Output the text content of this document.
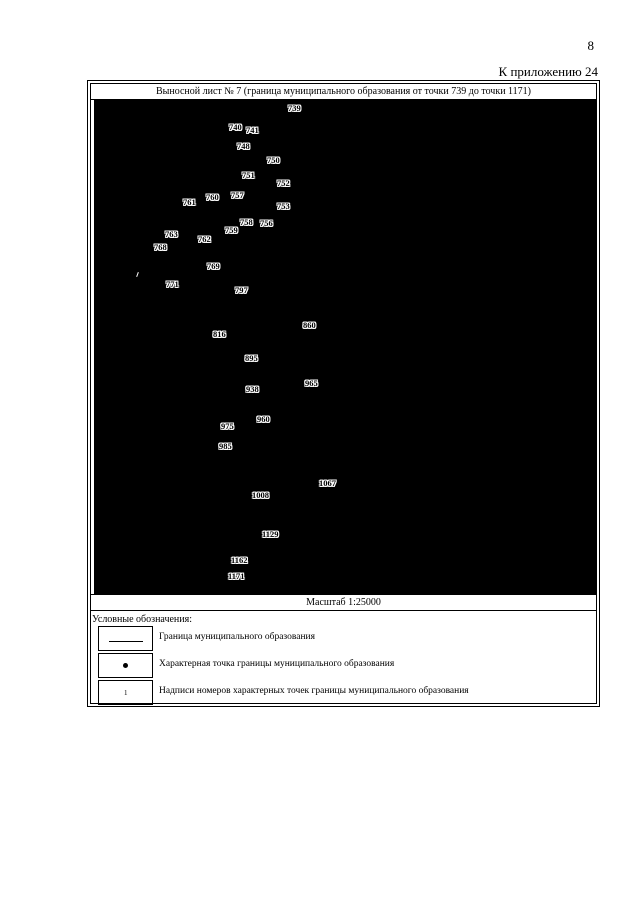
8
К приложению 24
Выносной лист № 7 (граница муниципального образования от точки 739 до точки 1171)
739
740 741
748
750
751
752
761 760 757
753
758 756
759
763 762
768
769
771
797
816
860
895
938
965
975
960
985
1067
1008
1129
1162
1171
Масштаб 1:25000
Условные обозначения:
Граница муниципального образования
Характерная точка границы муниципального образования
1	Надписи номеров характерных точек границы муниципального образования
